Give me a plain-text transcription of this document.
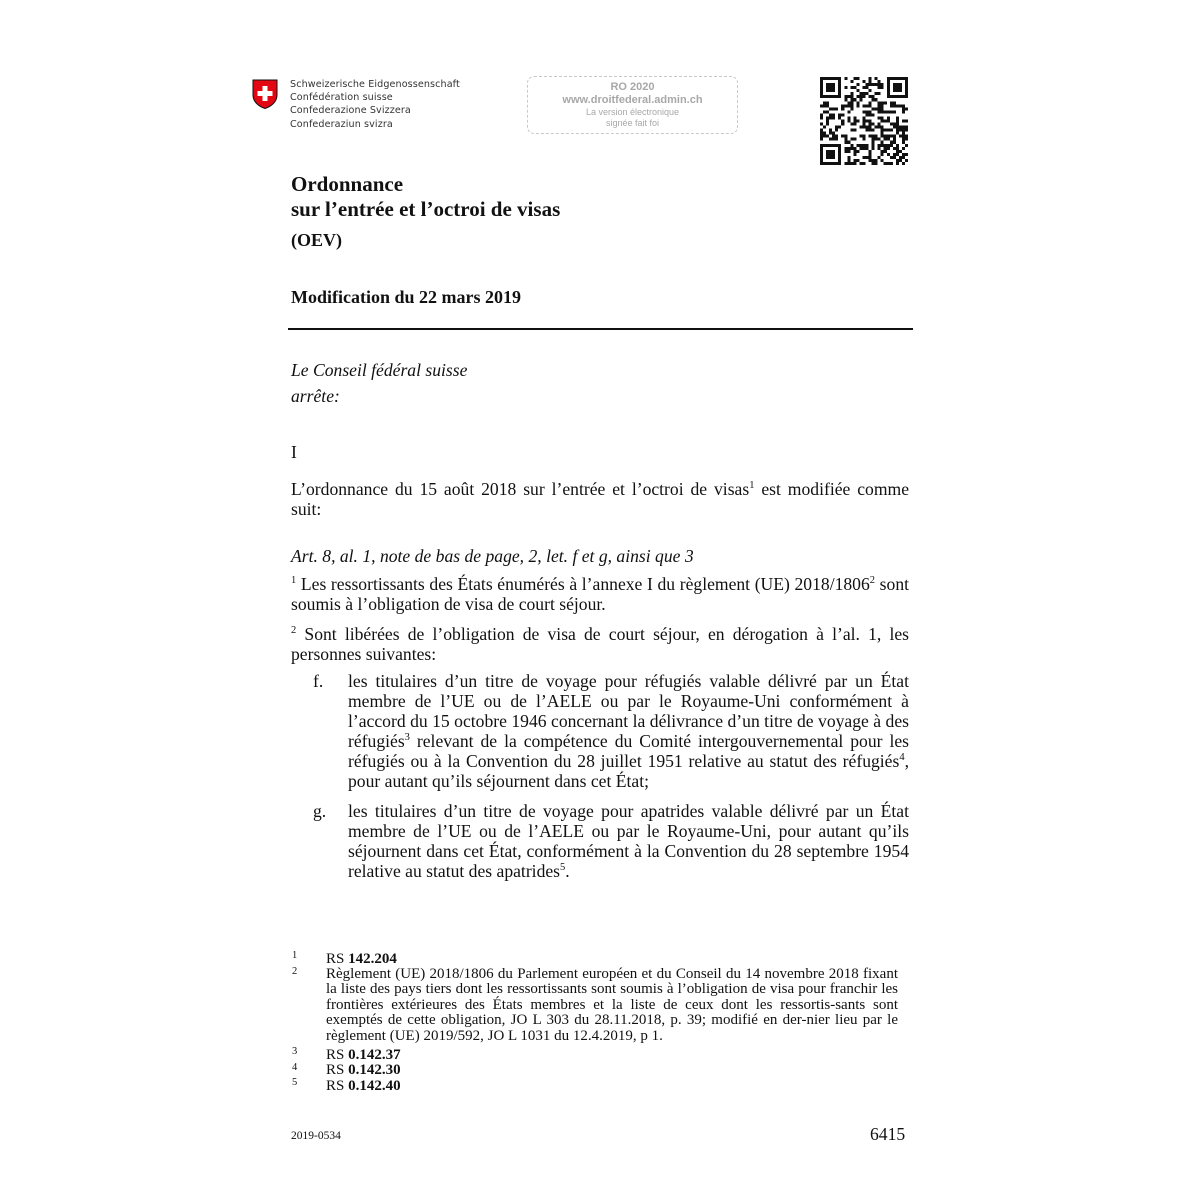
Schweizerische Eidgenossenschaft
Confédération suisse
Confederazione Svizzera
Confederaziun svizra
RO 2020
www.droitfederal.admin.ch
La version électronique
signée fait foi
Ordonnance
sur l’entrée et l’octroi de visas
(OEV)
Modification du 22 mars 2019
Le Conseil fédéral suisse
arrête:
I
L’ordonnance du 15 août 2018 sur l’entrée et l’octroi de visas$^1$ est modifiée comme suit:
Art. 8, al. 1, note de bas de page, 2, let. f et g, ainsi que 3
$^1$ Les ressortissants des États énumérés à l’annexe I du règlement (UE) 2018/1806$^2$ sont soumis à l’obligation de visa de court séjour.
$^2$ Sont libérées de l’obligation de visa de court séjour, en dérogation à l’al. 1, les personnes suivantes:
f. les titulaires d’un titre de voyage pour réfugiés valable délivré par un État membre de l’UE ou de l’AELE ou par le Royaume-Uni conformément à l’accord du 15 octobre 1946 concernant la délivrance d’un titre de voyage à des réfugiés$^3$ relevant de la compétence du Comité intergouvernemental pour les réfugiés ou à la Convention du 28 juillet 1951 relative au statut des réfugiés$^4$, pour autant qu’ils séjournent dans cet État;
g. les titulaires d’un titre de voyage pour apatrides valable délivré par un État membre de l’UE ou de l’AELE ou par le Royaume-Uni, pour autant qu’ils séjournent dans cet État, conformément à la Convention du 28 septembre 1954 relative au statut des apatrides$^5$.
1 RS 142.204
2 Règlement (UE) 2018/1806 du Parlement européen et du Conseil du 14 novembre 2018 fixant la liste des pays tiers dont les ressortissants sont soumis à l’obligation de visa pour franchir les frontières extérieures des États membres et la liste de ceux dont les ressortis-sants sont exemptés de cette obligation, JO L 303 du 28.11.2018, p. 39; modifié en der-nier lieu par le règlement (UE) 2019/592, JO L 1031 du 12.4.2019, p 1.
3 RS 0.142.37
4 RS 0.142.30
5 RS 0.142.40
2019-0534	6415
